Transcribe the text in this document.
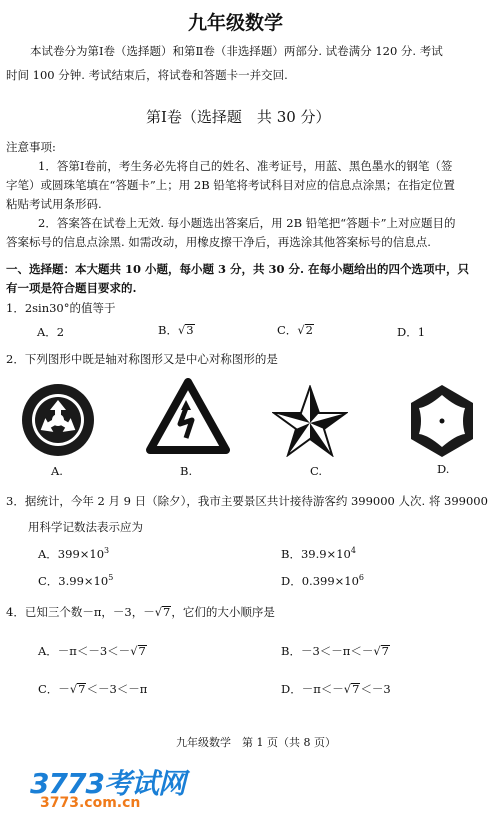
九年级数学
本试卷分为第Ⅰ卷（选择题）和第Ⅱ卷（非选择题）两部分. 试卷满分 120 分. 考试
时间 100 分钟. 考试结束后，将试卷和答题卡一并交回.
第Ⅰ卷（选择题　共 30 分）
注意事项:
1．答第Ⅰ卷前，考生务必先将自己的姓名、准考证号，用蓝、黑色墨水的钢笔（签
字笔）或圆珠笔填在“答题卡”上；用 2B 铅笔将考试科目对应的信息点涂黑；在指定位置
粘贴考试用条形码.
2．答案答在试卷上无效. 每小题选出答案后，用 2B 铅笔把“答题卡”上对应题目的
答案标号的信息点涂黑. 如需改动，用橡皮擦干净后，再选涂其他答案标号的信息点.
一、选择题：本大题共 10 小题，每小题 3 分，共 30 分. 在每小题给出的四个选项中，只
有一项是符合题目要求的.
1．2sin30°的值等于
A．2	B．√3	C．√2	D．1
2．下列图形中既是轴对称图形又是中心对称图形的是
A.	B.	C.	D.
3．据统计，今年 2 月 9 日（除夕），我市主要景区共计接待游客约 399000 人次. 将 399000
用科学记数法表示应为
A．$399\times 10^3$	B．$39.9\times 10^4$
C．$3.99\times 10^5$	D．$0.399\times 10^6$
4．已知三个数－π，－3，－√7，它们的大小顺序是
A．－π＜－3＜－√7	B．－3＜－π＜－√7
C．－√7＜－3＜－π	D．－π＜－√7＜－3
九年级数学　第 1 页（共 8 页）
3773考试网
3773.com.cn
